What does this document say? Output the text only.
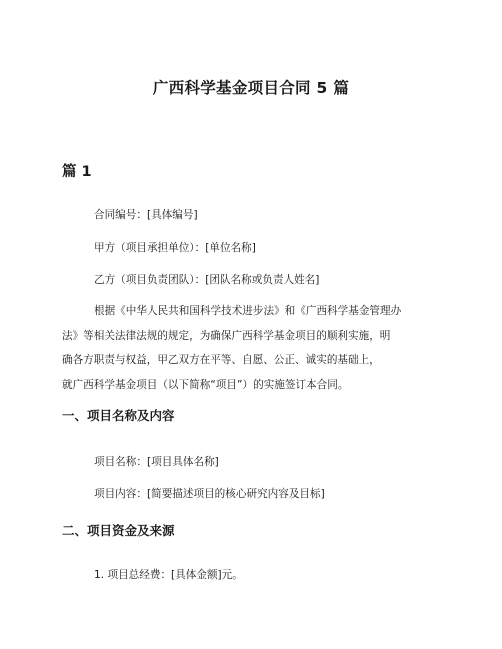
广西科学基金项目合同 5 篇
篇 1
合同编号：[具体编号]
甲方（项目承担单位）：[单位名称]
乙方（项目负责团队）：[团队名称或负责人姓名]
根据《中华人民共和国科学技术进步法》和《广西科学基金管理办
法》等相关法律法规的规定，为确保广西科学基金项目的顺利实施，明
确各方职责与权益，甲乙双方在平等、自愿、公正、诚实的基础上，
就广西科学基金项目（以下简称“项目”）的实施签订本合同。
一、项目名称及内容
项目名称：[项目具体名称]
项目内容：[简要描述项目的核心研究内容及目标]
二、项目资金及来源
1. 项目总经费：[具体金额]元。
